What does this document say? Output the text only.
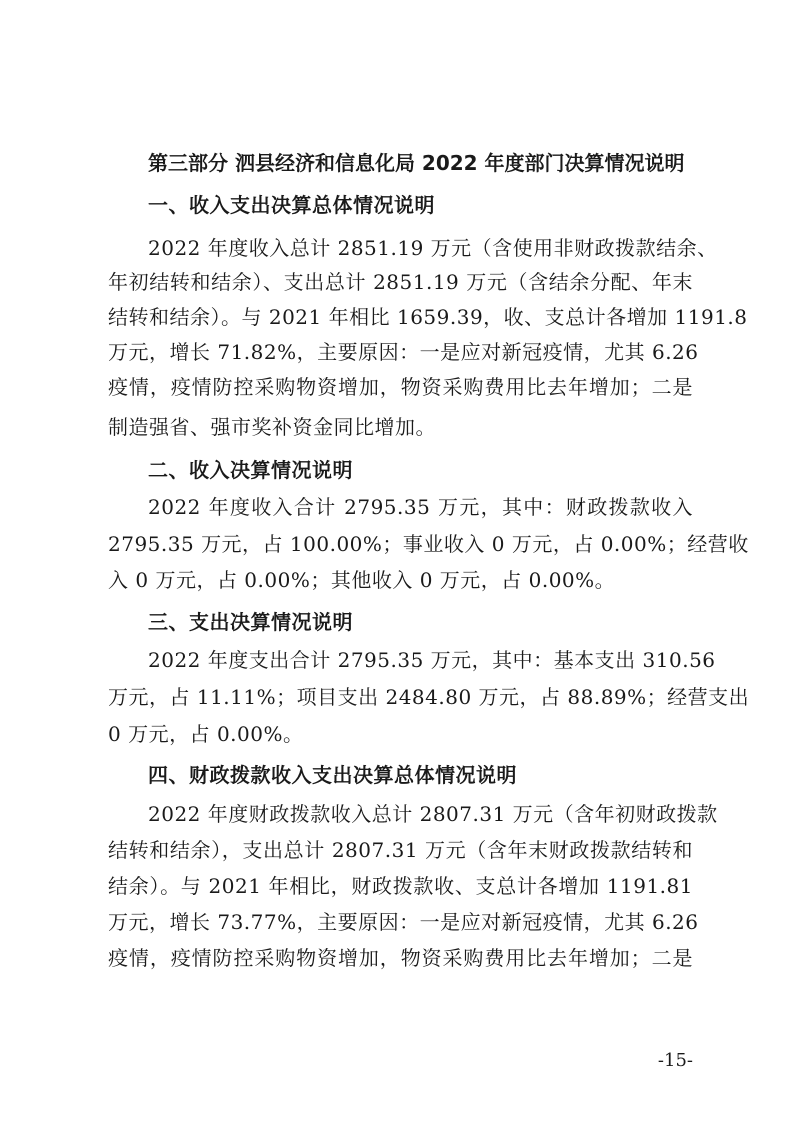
第三部分 泗县经济和信息化局 2022 年度部门决算情况说明
一、收入支出决算总体情况说明
2022 年度收入总计 2851.19 万元（含使用非财政拨款结余、
年初结转和结余）、支出总计 2851.19 万元（含结余分配、年末
结转和结余）。与 2021 年相比 1659.39，收、支总计各增加 1191.8
万元，增长 71.82%，主要原因：一是应对新冠疫情，尤其 6.26
疫情，疫情防控采购物资增加，物资采购费用比去年增加；二是
制造强省、强市奖补资金同比增加。
二、收入决算情况说明
2022 年度收入合计 2795.35 万元，其中：财政拨款收入
2795.35 万元，占 100.00%；事业收入 0 万元，占 0.00%；经营收
入 0 万元，占 0.00%；其他收入 0 万元，占 0.00%。
三、支出决算情况说明
2022 年度支出合计 2795.35 万元，其中：基本支出 310.56
万元，占 11.11%；项目支出 2484.80 万元，占 88.89%；经营支出
0 万元，占 0.00%。
四、财政拨款收入支出决算总体情况说明
2022 年度财政拨款收入总计 2807.31 万元（含年初财政拨款
结转和结余），支出总计 2807.31 万元（含年末财政拨款结转和
结余）。与 2021 年相比，财政拨款收、支总计各增加 1191.81
万元，增长 73.77%，主要原因：一是应对新冠疫情，尤其 6.26
疫情，疫情防控采购物资增加，物资采购费用比去年增加；二是
-15-
